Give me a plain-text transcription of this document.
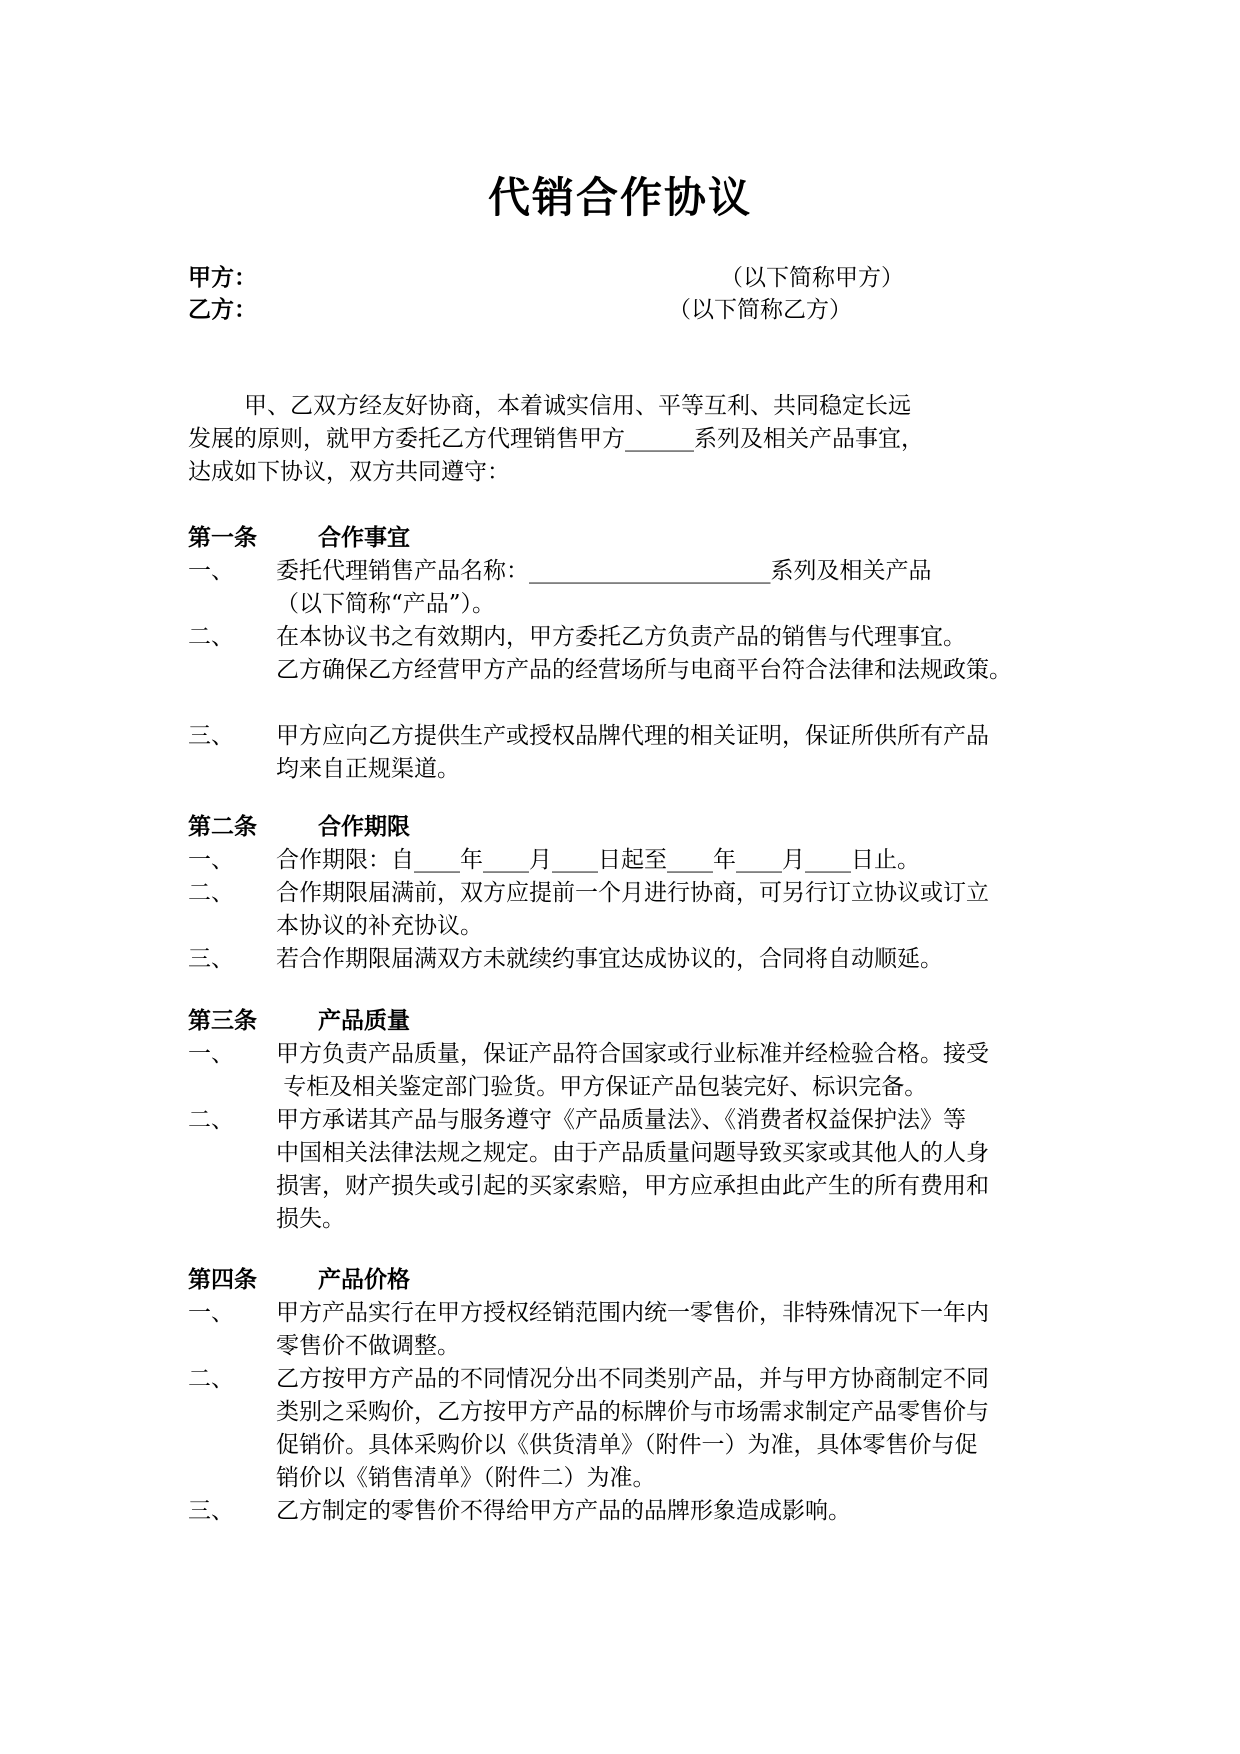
代销合作协议
甲方：	（以下简称甲方）
乙方：	（以下简称乙方）

甲、乙双方经友好协商，本着诚实信用、平等互利、共同稳定长远

发展的原则，就甲方委托乙方代理销售甲方______系列及相关产品事宜，

达成如下协议，双方共同遵守：

第一条	合作事宜
一、 委托代理销售产品名称：_____________________系列及相关产品
（以下简称“产品”）。
二、 在本协议书之有效期内，甲方委托乙方负责产品的销售与代理事宜。
乙方确保乙方经营甲方产品的经营场所与电商平台符合法律和法规政策。
三、 甲方应向乙方提供生产或授权品牌代理的相关证明，保证所供所有产品
均来自正规渠道。
第二条	合作期限
一、 合作期限：自____年____月____日起至____年____月____日止。
二、 合作期限届满前，双方应提前一个月进行协商，可另行订立协议或订立
本协议的补充协议。
三、 若合作期限届满双方未就续约事宜达成协议的，合同将自动顺延。
第三条	产品质量
一、 甲方负责产品质量，保证产品符合国家或行业标准并经检验合格。接受
专柜及相关鉴定部门验货。甲方保证产品包装完好、标识完备。
二、 甲方承诺其产品与服务遵守《产品质量法》、《消费者权益保护法》等
中国相关法律法规之规定。由于产品质量问题导致买家或其他人的人身
损害，财产损失或引起的买家索赔，甲方应承担由此产生的所有费用和
损失。
第四条	产品价格
一、 甲方产品实行在甲方授权经销范围内统一零售价，非特殊情况下一年内
零售价不做调整。
二、 乙方按甲方产品的不同情况分出不同类别产品，并与甲方协商制定不同
类别之采购价，乙方按甲方产品的标牌价与市场需求制定产品零售价与
促销价。具体采购价以《供货清单》（附件一）为准，具体零售价与促
销价以《销售清单》（附件二）为准。
三、 乙方制定的零售价不得给甲方产品的品牌形象造成影响。
